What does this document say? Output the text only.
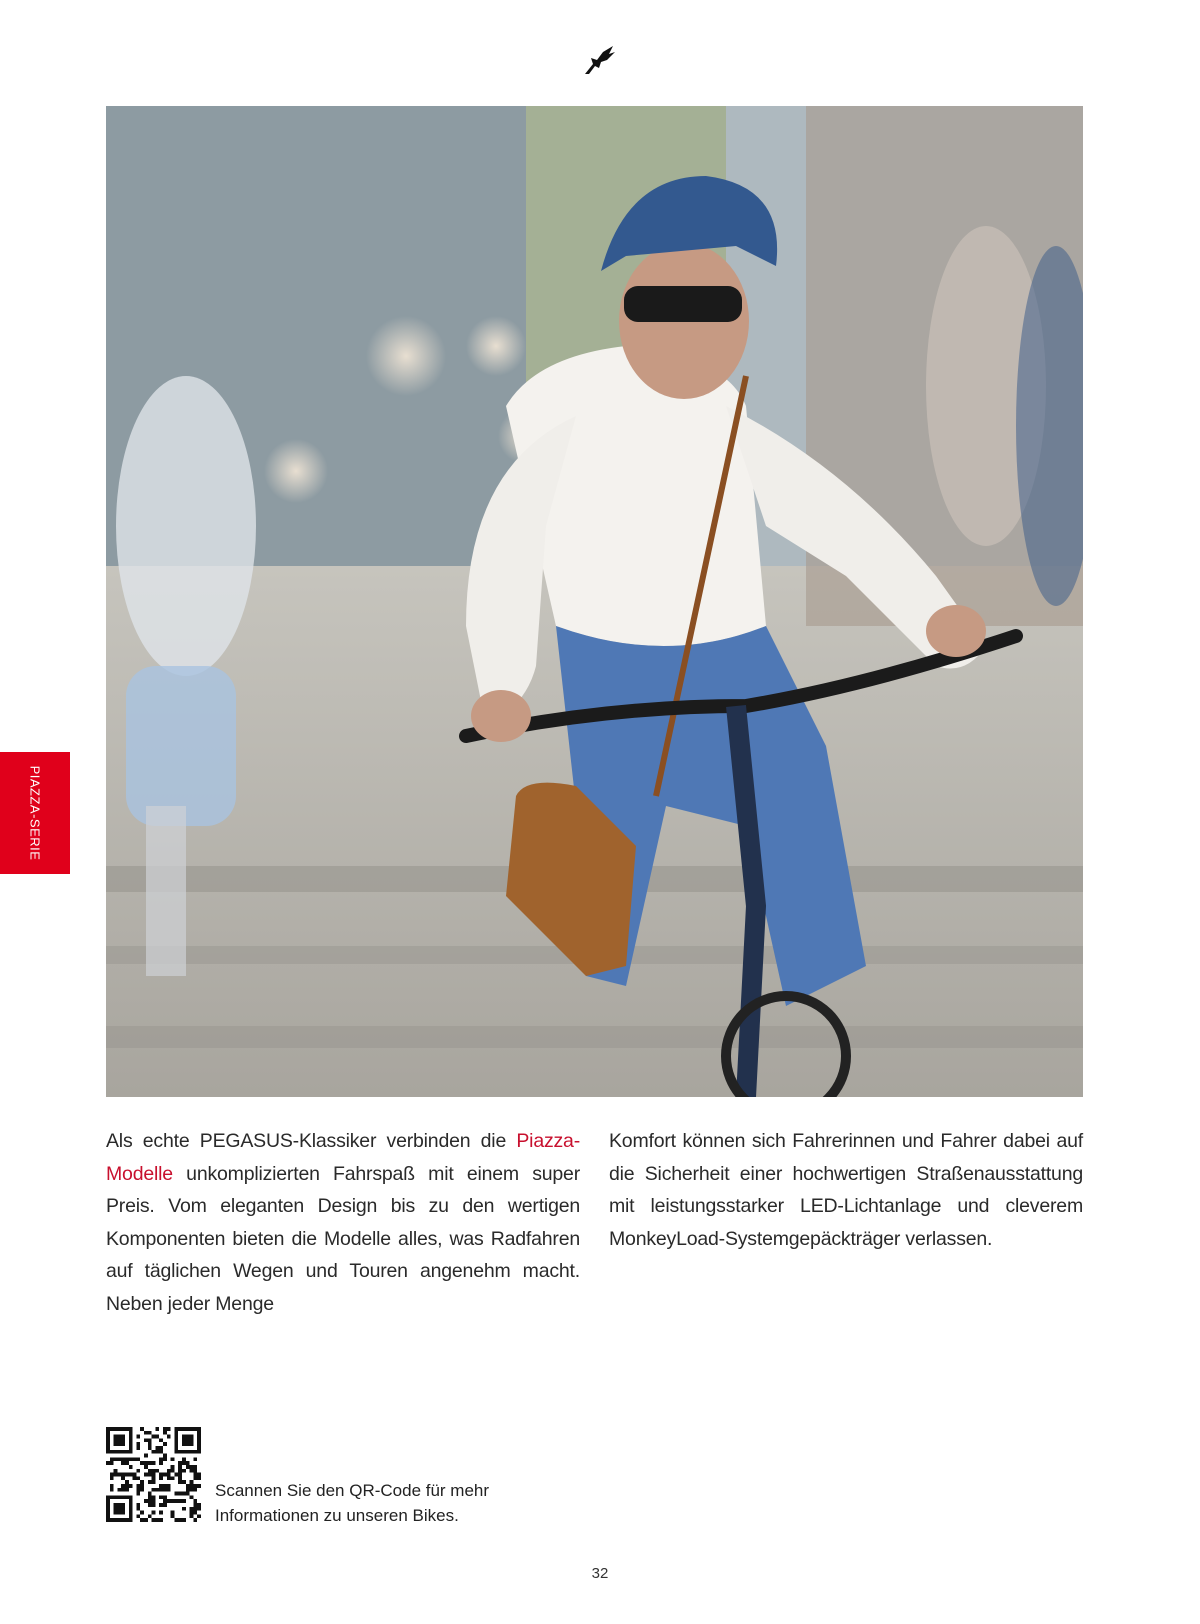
PIAZZA-SERIE
Als echte PEGASUS-Klassiker verbinden die Piazza-Modelle unkomplizierten Fahrspaß mit einem super Preis. Vom eleganten Design bis zu den wertigen Komponenten bieten die Modelle alles, was Radfahren auf täglichen Wegen und Touren angenehm macht. Neben jeder Menge
Komfort können sich Fahrerinnen und Fahrer dabei auf die Sicherheit einer hochwertigen Straßenausstattung mit leistungsstarker LED-Lichtanlage und cleverem MonkeyLoad-Systemgepäckträger verlassen.
Scannen Sie den QR-Code für mehr
Informationen zu unseren Bikes.
32
